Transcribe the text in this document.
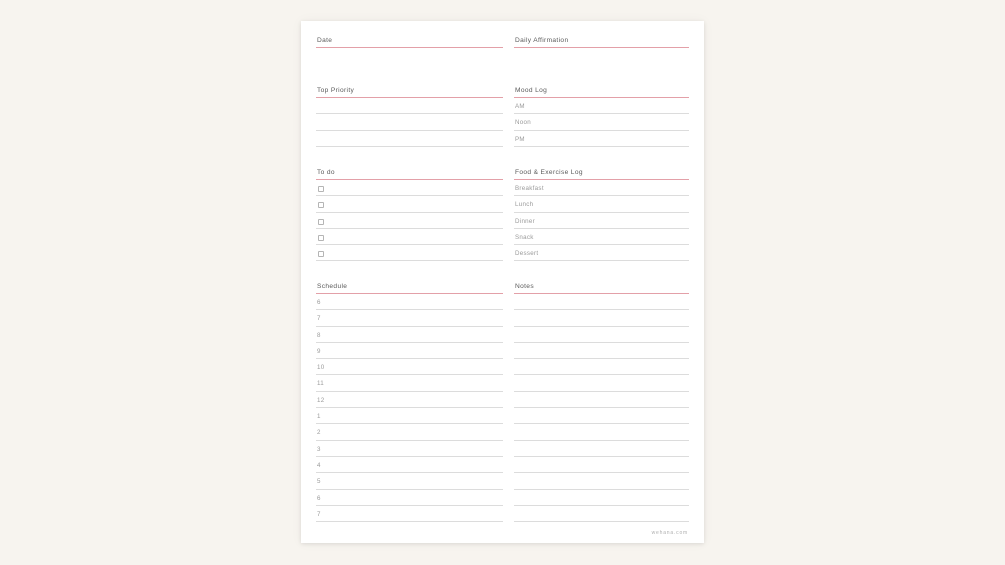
Date
Top Priority
To do
Schedule
6
7
8
9
10
11
12
1
2
3
4
5
6
7
Daily Affirmation
Mood Log
AM
Noon
PM
Food & Exercise Log
Breakfast
Lunch
Dinner
Snack
Dessert
Notes
wehana.com
